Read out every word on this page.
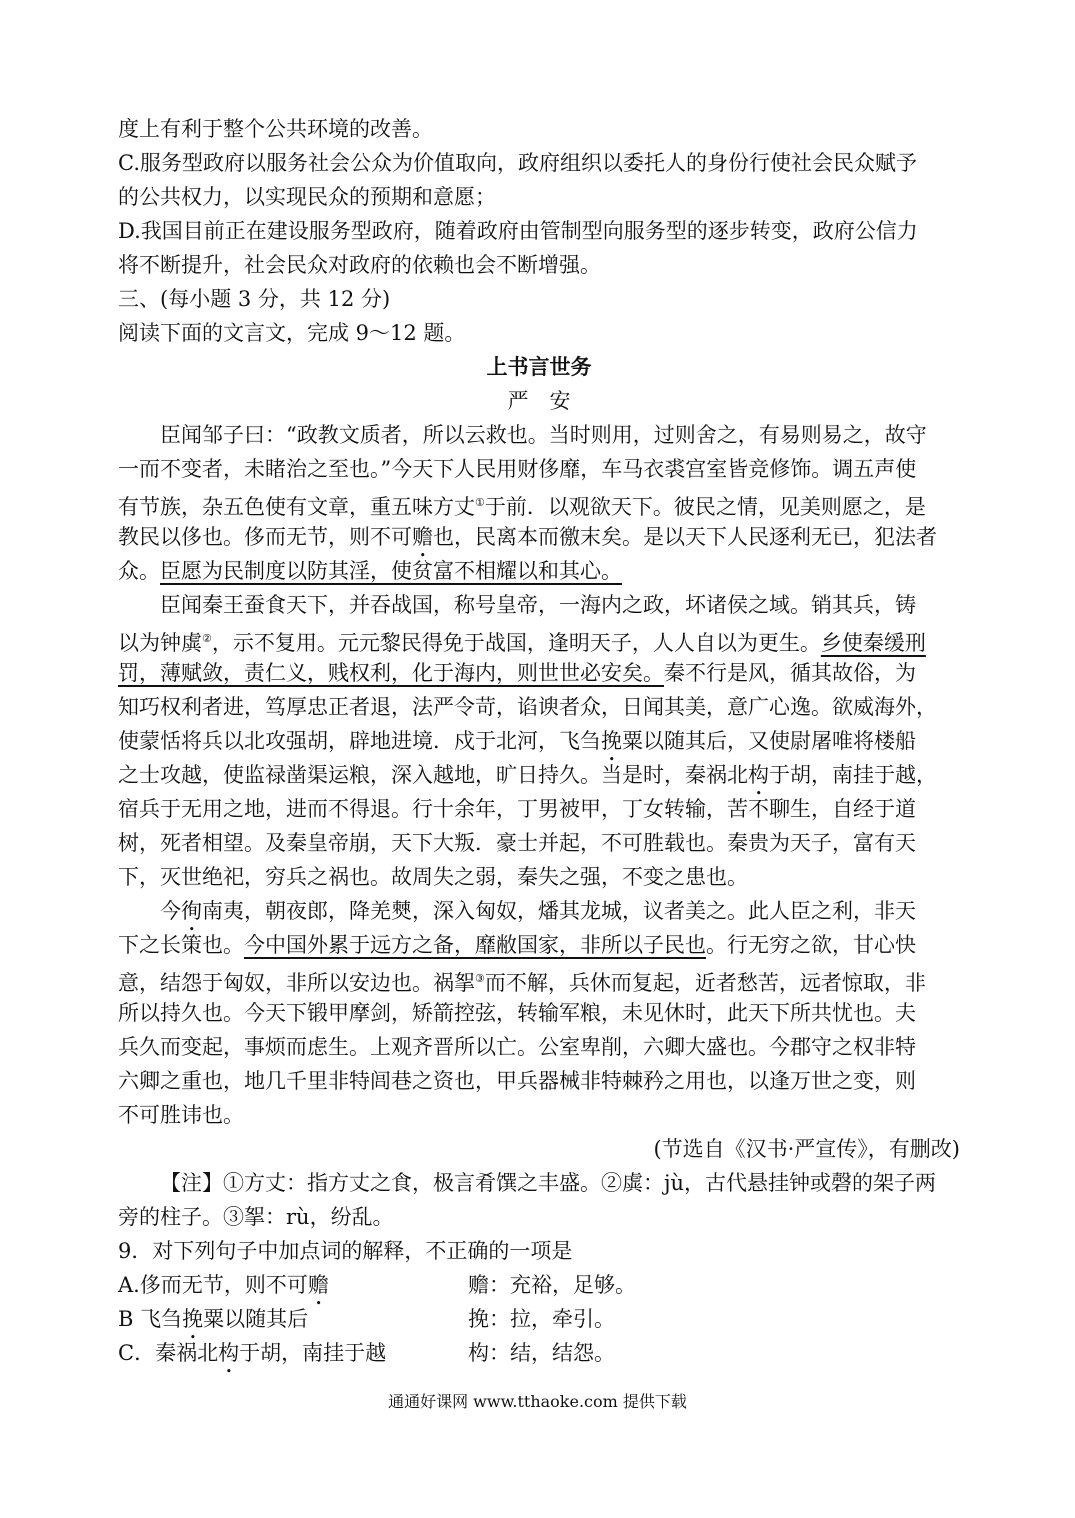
度上有利于整个公共环境的改善。
C.服务型政府以服务社会公众为价值取向，政府组织以委托人的身份行使社会民众赋予
的公共权力，以实现民众的预期和意愿；
D.我国目前正在建设服务型政府，随着政府由管制型向服务型的逐步转变，政府公信力
将不断提升，社会民众对政府的依赖也会不断增强。
三、(每小题 3 分，共 12 分)
阅读下面的文言文，完成 9～12 题。
上书言世务
严　安
臣闻邹子曰：“政教文质者，所以云救也。当时则用，过则舍之，有易则易之，故守
一而不变者，未睹治之至也。”今天下人民用财侈靡，车马衣裘宫室皆竞修饰。调五声使
有节族，杂五色使有文章，重五味方丈①于前．以观欲天下。彼民之情，见美则愿之，是
教民以侈也。侈而无节，则不可赡也，民离本而徼末矣。是以天下人民逐利无已，犯法者
众。臣愿为民制度以防其淫，使贫富不相耀以和其心。
臣闻秦王蚕食天下，并吞战国，称号皇帝，一海内之政，坏诸侯之域。销其兵，铸
以为钟虡②，示不复用。元元黎民得免于战国，逢明天子，人人自以为更生。乡使秦缓刑
罚，薄赋敛，责仁义，贱权利，化于海内，则世世必安矣。秦不行是风，循其故俗，为
知巧权利者进，笃厚忠正者退，法严令苛，谄谀者众，日闻其美，意广心逸。欲威海外，
使蒙恬将兵以北攻强胡，辟地进境．戍于北河，飞刍挽粟以随其后，又使尉屠唯将楼船
之士攻越，使监禄凿渠运粮，深入越地，旷日持久。当是时，秦祸北构于胡，南挂于越，
宿兵于无用之地，进而不得退。行十余年，丁男被甲，丁女转输，苦不聊生，自经于道
树，死者相望。及秦皇帝崩，天下大叛．豪士并起，不可胜载也。秦贵为天子，富有天
下，灭世绝祀，穷兵之祸也。故周失之弱，秦失之强，不变之患也。
今徇南夷，朝夜郎，降羌僰，深入匈奴，燔其龙城，议者美之。此人臣之利，非天
下之长策也。今中国外累于远方之备，靡敝国家，非所以子民也。行无穷之欲，甘心快
意，结怨于匈奴，非所以安边也。祸挐③而不解，兵休而复起，近者愁苦，远者惊取，非
所以持久也。今天下锻甲摩剑，矫箭控弦，转输军粮，未见休时，此天下所共忧也。夫
兵久而变起，事烦而虑生。上观齐晋所以亡。公室卑削，六卿大盛也。今郡守之权非特
六卿之重也，地几千里非特闾巷之资也，甲兵器械非特棘矜之用也，以逢万世之变，则
不可胜讳也。
(节选自《汉书·严宣传》，有删改)
【注】①方丈：指方丈之食，极言肴馔之丰盛。②虡：jù，古代悬挂钟或磬的架子两
旁的柱子。③挐：rù，纷乱。
9．对下列句子中加点词的解释，不正确的一项是
A.侈而无节，则不可赡	赡：充裕，足够。
B 飞刍挽粟以随其后	挽：拉，牵引。
C．秦祸北构于胡，南挂于越	构：结，结怨。
通通好课网 www.tthaoke.com 提供下载
